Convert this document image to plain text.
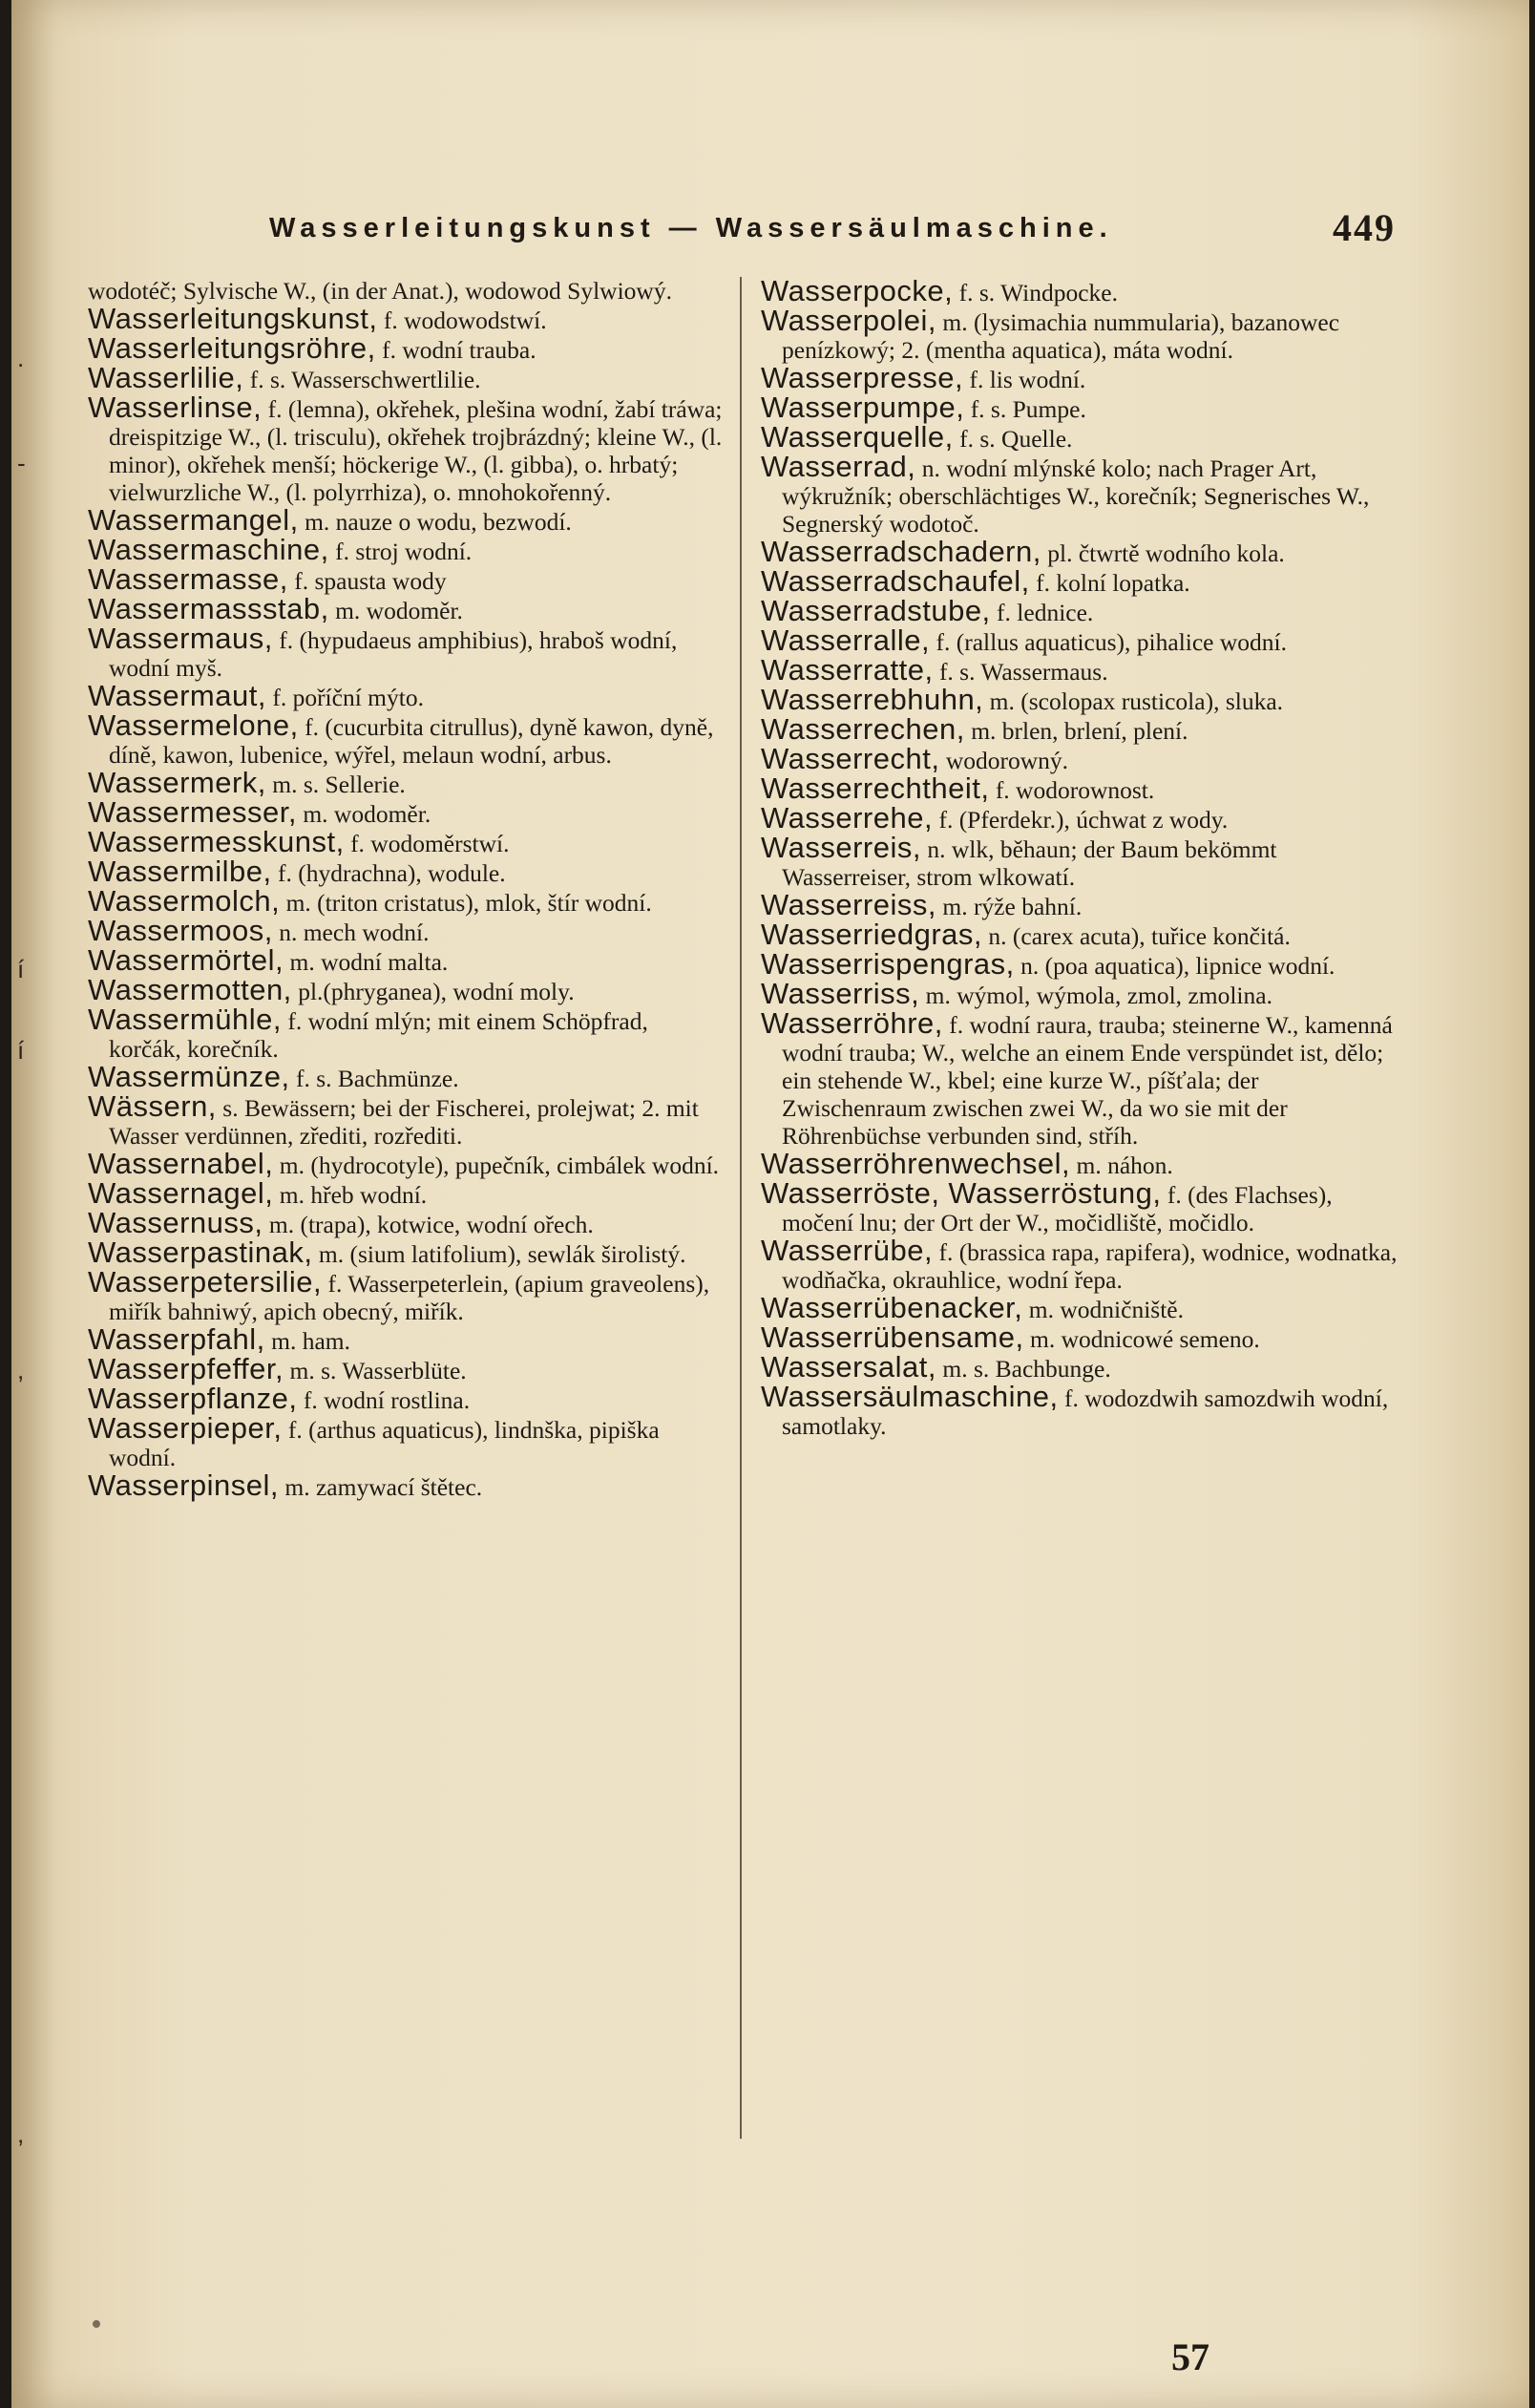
Wasserleitungskunst — Wassersäulmaschine.	449

wodotéč; Sylvische W., (in der Anat.), wodowod Sylwiowý.

Wasserleitungskunst, f. wodowodstwí.

Wasserleitungsröhre, f. wodní trauba.

Wasserlilie, f. s. Wasserschwertlilie.

Wasserlinse, f. (lemna), okřehek, plešina wodní, žabí tráwa; dreispitzige W., (l. trisculu), okřehek trojbrázdný; kleine W., (l. minor), okřehek menší; höckerige W., (l. gibba), o. hrbatý; vielwurzliche W., (l. polyrrhiza), o. mnohokořenný.

Wassermangel, m. nauze o wodu, bezwodí.

Wassermaschine, f. stroj wodní.

Wassermasse, f. spausta wody

Wassermassstab, m. wodoměr.

Wassermaus, f. (hypudaeus amphibius), hraboš wodní, wodní myš.

Wassermaut, f. poříční mýto.

Wassermelone, f. (cucurbita citrullus), dyně kawon, dyně, díně, kawon, lubenice, wýřel, melaun wodní, arbus.

Wassermerk, m. s. Sellerie.

Wassermesser, m. wodoměr.

Wassermesskunst, f. wodoměrstwí.

Wassermilbe, f. (hydrachna), wodule.

Wassermolch, m. (triton cristatus), mlok, štír wodní.

Wassermoos, n. mech wodní.

Wassermörtel, m. wodní malta.

Wassermotten, pl.(phryganea), wodní moly.

Wassermühle, f. wodní mlýn; mit einem Schöpfrad, korčák, korečník.

Wassermünze, f. s. Bachmünze.

Wässern, s. Bewässern; bei der Fischerei, prolejwat; 2. mit Wasser verdünnen, zřediti, rozřediti.

Wassernabel, m. (hydrocotyle), pupečník, cimbálek wodní.

Wassernagel, m. hřeb wodní.

Wassernuss, m. (trapa), kotwice, wodní ořech.

Wasserpastinak, m. (sium latifolium), sewlák širolistý.

Wasserpetersilie, f. Wasserpeterlein, (apium graveolens), miřík bahniwý, apich obecný, miřík.

Wasserpfahl, m. ham.

Wasserpfeffer, m. s. Wasserblüte.

Wasserpflanze, f. wodní rostlina.

Wasserpieper, f. (arthus aquaticus), lindnška, pipiška wodní.

Wasserpinsel, m. zamywací štětec.

Wasserpocke, f. s. Windpocke.

Wasserpolei, m. (lysimachia nummularia), bazanowec penízkowý; 2. (mentha aquatica), máta wodní.

Wasserpresse, f. lis wodní.

Wasserpumpe, f. s. Pumpe.

Wasserquelle, f. s. Quelle.

Wasserrad, n. wodní mlýnské kolo; nach Prager Art, wýkružník; oberschlächtiges W., korečník; Segnerisches W., Segnerský wodotoč.

Wasserradschadern, pl. čtwrtě wodního kola.

Wasserradschaufel, f. kolní lopatka.

Wasserradstube, f. lednice.

Wasserralle, f. (rallus aquaticus), pihalice wodní.

Wasserratte, f. s. Wassermaus.

Wasserrebhuhn, m. (scolopax rusticola), sluka.

Wasserrechen, m. brlen, brlení, plení.

Wasserrecht, wodorowný.

Wasserrechtheit, f. wodorownost.

Wasserrehe, f. (Pferdekr.), úchwat z wody.

Wasserreis, n. wlk, běhaun; der Baum bekömmt Wasserreiser, strom wlkowatí.

Wasserreiss, m. rýže bahní.

Wasserriedgras, n. (carex acuta), tuřice končitá.

Wasserrispengras, n. (poa aquatica), lipnice wodní.

Wasserriss, m. wýmol, wýmola, zmol, zmolina.

Wasserröhre, f. wodní raura, trauba; steinerne W., kamenná wodní trauba; W., welche an einem Ende verspündet ist, dělo; ein stehende W., kbel; eine kurze W., píšťala; der Zwischenraum zwischen zwei W., da wo sie mit der Röhrenbüchse verbunden sind, stříh.

Wasserröhrenwechsel, m. náhon.

Wasserröste, Wasserröstung, f. (des Flachses), močení lnu; der Ort der W., močidliště, močidlo.

Wasserrübe, f. (brassica rapa, rapifera), wodnice, wodnatka, wodňačka, okrauhlice, wodní řepa.

Wasserrübenacker, m. wodničniště.

Wasserrübensame, m. wodnicowé semeno.

Wassersalat, m. s. Bachbunge.

Wassersäulmaschine, f. wodozdwih samozdwih wodní, samotlaky.

57
.
-
í
í
,
,
